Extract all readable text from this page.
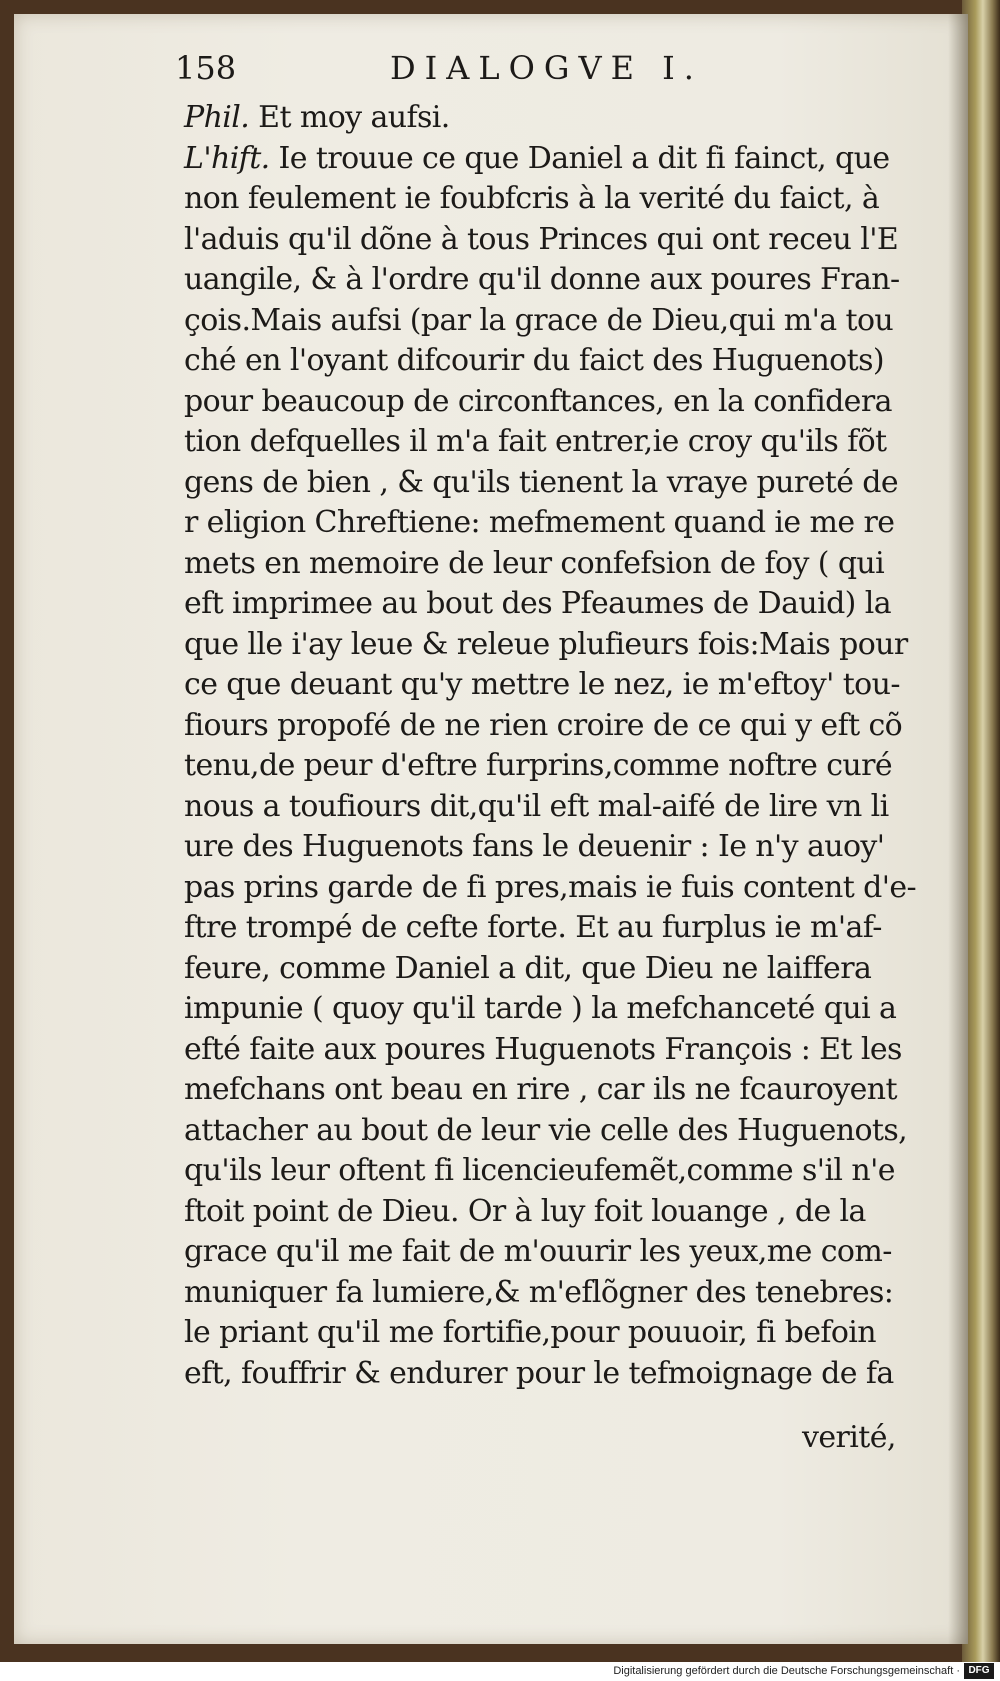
158	DIALOGVE I.
Phil. Et moy aufsi.
L'hift. Ie trouue ce que Daniel a dit fi fainct, que
non feulement ie foubfcris à la verité du faict, à
l'aduis qu'il dõne à tous Princes qui ont receu l'E
uangile, & à l'ordre qu'il donne aux poures Fran-
çois.Mais aufsi (par la grace de Dieu,qui m'a tou
ché en l'oyant difcourir du faict des Huguenots)
pour beaucoup de circonftances, en la confidera
tion defquelles il m'a fait entrer,ie croy qu'ils fõt
gens de bien , & qu'ils tienent la vraye pureté de
r eligion Chreftiene: mefmement quand ie me re
mets en memoire de leur confefsion de foy ( qui
eft imprimee au bout des Pfeaumes de Dauid) la
que lle i'ay leue & releue plufieurs fois:Mais pour
ce que deuant qu'y mettre le nez, ie m'eftoy' tou-
fiours propofé de ne rien croire de ce qui y eft cõ
tenu,de peur d'eftre furprins,comme noftre curé
nous a toufiours dit,qu'il eft mal-aifé de lire vn li
ure des Huguenots fans le deuenir : Ie n'y auoy'
pas prins garde de fi pres,mais ie fuis content d'e-
ftre trompé de cefte forte. Et au furplus ie m'af-
feure, comme Daniel a dit, que Dieu ne laiffera
impunie ( quoy qu'il tarde ) la mefchanceté qui a
efté faite aux poures Huguenots François : Et les
mefchans ont beau en rire , car ils ne fcauroyent
attacher au bout de leur vie celle des Huguenots,
qu'ils leur oftent fi licencieufemẽt,comme s'il n'e
ftoit point de Dieu. Or à luy foit louange , de la
grace qu'il me fait de m'ouurir les yeux,me com-
muniquer fa lumiere,& m'eflõgner des tenebres:
le priant qu'il me fortifie,pour pouuoir, fi befoin
eft, fouffrir & endurer pour le tefmoignage de fa
verité,
Digitalisierung gefördert durch die Deutsche Forschungsgemeinschaft · DFG
